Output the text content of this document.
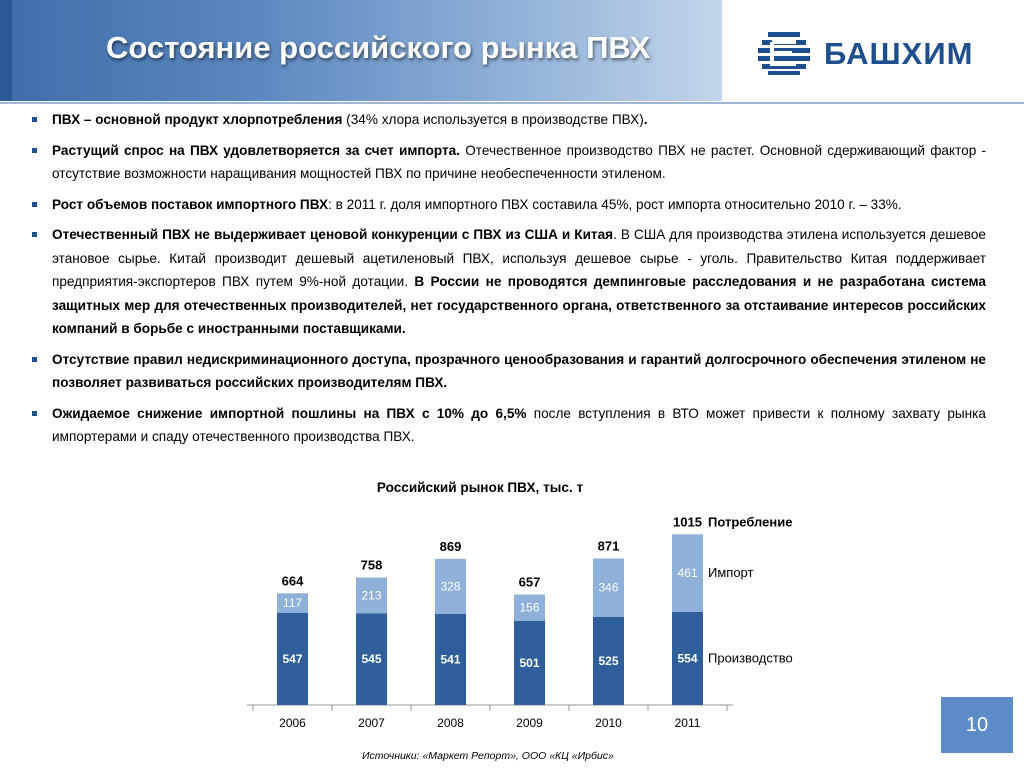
Состояние российского рынка ПВХ	БАШХИМ
ПВХ – основной продукт хлорпотребления (34% хлора используется в производстве ПВХ).
Растущий спрос на ПВХ удовлетворяется за счет импорта. Отечественное производство ПВХ не растет. Основной сдерживающий фактор - отсутствие возможности наращивания мощностей ПВХ по причине необеспеченности этиленом.
Рост объемов поставок импортного ПВХ: в 2011 г. доля импортного ПВХ составила 45%, рост импорта относительно 2010 г. – 33%.
Отечественный ПВХ не выдерживает ценовой конкуренции с ПВХ из США и Китая. В США для производства этилена используется дешевое этановое сырье. Китай производит дешевый ацетиленовый ПВХ, используя дешевое сырье - уголь. Правительство Китая поддерживает предприятия-экспортеров ПВХ путем 9%-ной дотации. В России не проводятся демпинговые расследования и не разработана система защитных мер для отечественных производителей, нет государственного органа, ответственного за отстаивание интересов российских компаний в борьбе с иностранными поставщиками.
Отсутствие правил недискриминационного доступа, прозрачного ценообразования и гарантий долгосрочного обеспечения этиленом не позволяет развиваться российских производителям ПВХ.
Ожидаемое снижение импортной пошлины на ПВХ с 10% до 6,5% после вступления в ВТО может привести к полному захвату рынка импортерами и спаду отечественного производства ПВХ.
Российский рынок ПВХ, тыс. т
547
117
664
2006
545
213
758
2007
541
328
869
2008
501
156
657
2009
525
346
871
2010
554
461
1015
2011
Потребление
Импорт
Производство
10
Источники: «Маркет Репорт», ООО «КЦ «Ирбис»
